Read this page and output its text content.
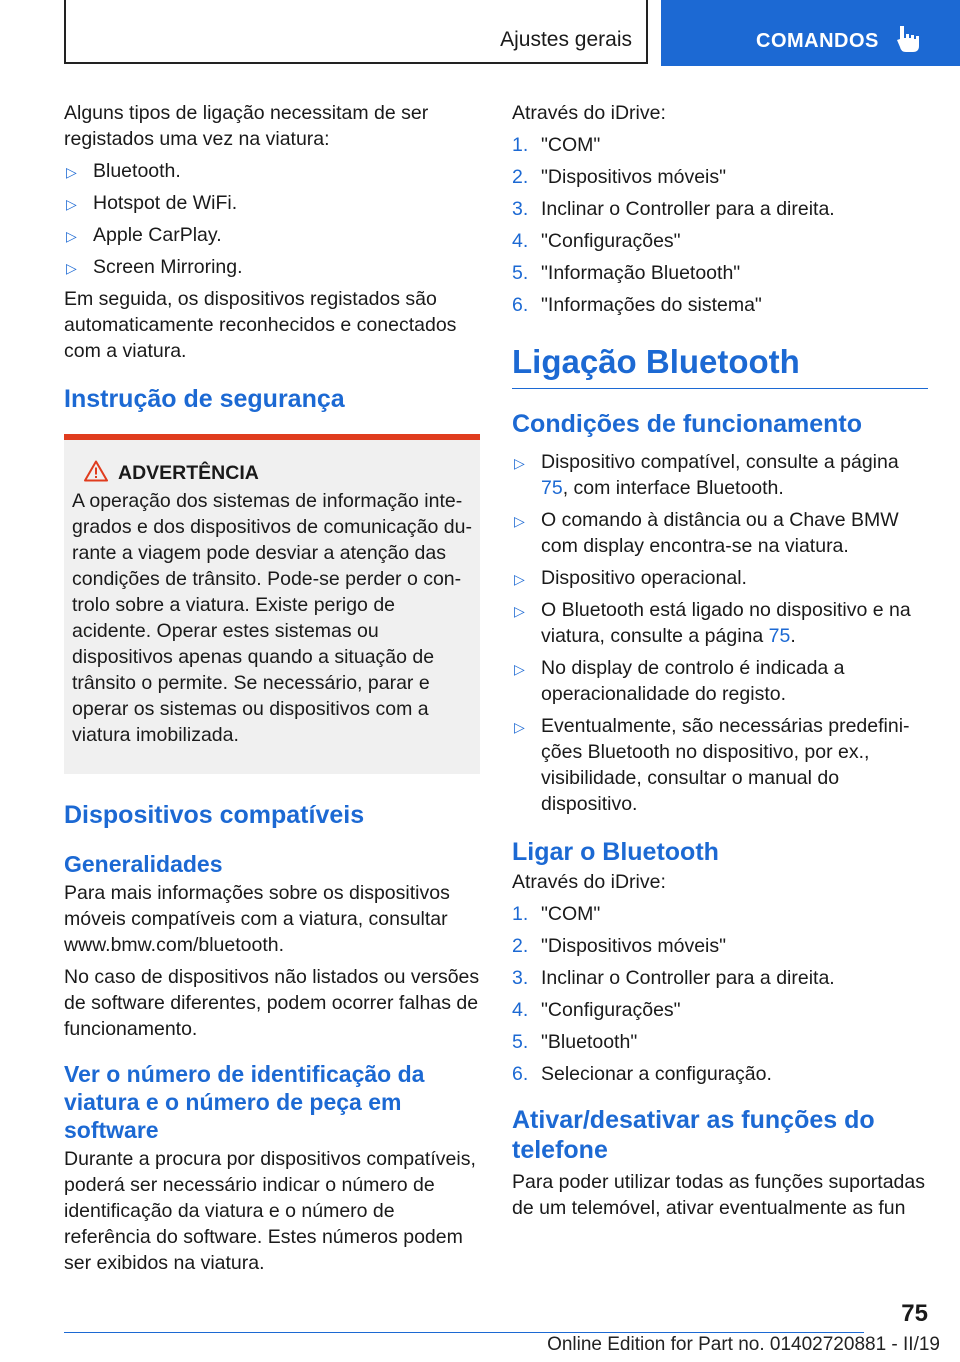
Ajustes gerais	COMANDOS

Alguns tipos de ligação necessitam de ser registados uma vez na viatura:

▷ Bluetooth.
▷ Hotspot de WiFi.
▷ Apple CarPlay.
▷ Screen Mirroring.

Em seguida, os dispositivos registados são automaticamente reconhecidos e conectados com a viatura.

Instrução de segurança
ADVERTÊNCIA
A operação dos sistemas de informação integrados e dos dispositivos de comunicação durante a viagem pode desviar a atenção das condições de trânsito. Pode-se perder o controlo sobre a viatura. Existe perigo de acidente. Operar estes sistemas ou dispositivos apenas quando a situação de trânsito o permite. Se necessário, parar e operar os sistemas ou dispositivos com a viatura imobilizada.
Dispositivos compatíveis
Generalidades

Para mais informações sobre os dispositivos móveis compatíveis com a viatura, consultar www.bmw.com/bluetooth.

No caso de dispositivos não listados ou versões de software diferentes, podem ocorrer falhas de funcionamento.

Ver o número de identificação da viatura e o número de peça em software

Durante a procura por dispositivos compatíveis, poderá ser necessário indicar o número de identificação da viatura e o número de referência do software. Estes números podem ser exibidos na viatura.

Através do iDrive:

1. "COM"
2. "Dispositivos móveis"
3. Inclinar o Controller para a direita.
4. "Configurações"
5. "Informação Bluetooth"
6. "Informações do sistema"
Ligação Bluetooth
Condições de funcionamento
▷ Dispositivo compatível, consulte a página 75, com interface Bluetooth.
▷ O comando à distância ou a Chave BMW com display encontra-se na viatura.
▷ Dispositivo operacional.
▷ O Bluetooth está ligado no dispositivo e na viatura, consulte a página 75.
▷ No display de controlo é indicada a operacionalidade do registo.
▷ Eventualmente, são necessárias predefinições Bluetooth no dispositivo, por ex., visibilidade, consultar o manual do dispositivo.
Ligar o Bluetooth

Através do iDrive:

1. "COM"
2. "Dispositivos móveis"
3. Inclinar o Controller para a direita.
4. "Configurações"
5. "Bluetooth"
6. Selecionar a configuração.
Ativar/desativar as funções do telefone

Para poder utilizar todas as funções suportadas de um telemóvel, ativar eventualmente as fun

75
Online Edition for Part no. 01402720881 - II/19
